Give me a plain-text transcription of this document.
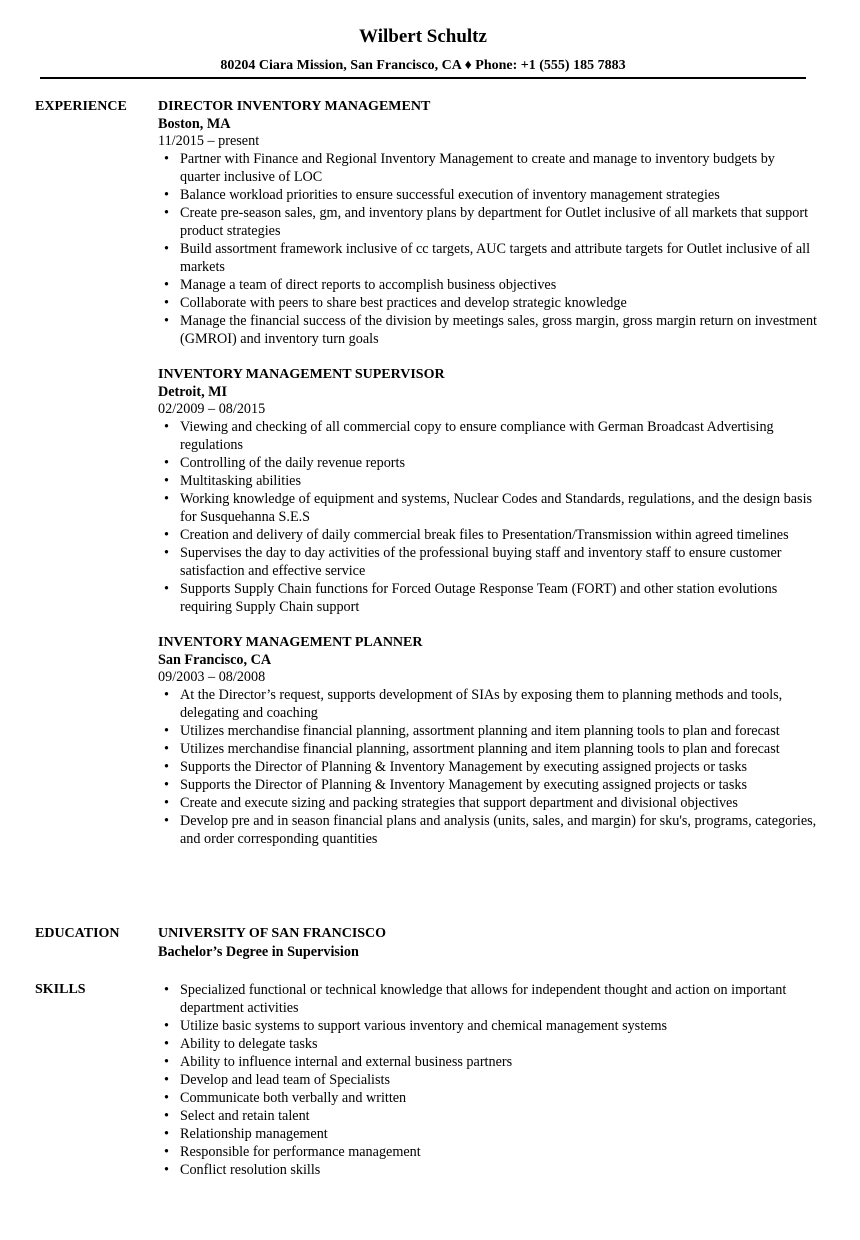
Wilbert Schultz
80204 Ciara Mission, San Francisco, CA ♦ Phone: +1 (555) 185 7883
EXPERIENCE DIRECTOR INVENTORY MANAGEMENT
Boston, MA
11/2015 – present
• Partner with Finance and Regional Inventory Management to create and manage to inventory budgets by quarter inclusive of LOC
• Balance workload priorities to ensure successful execution of inventory management strategies
• Create pre-season sales, gm, and inventory plans by department for Outlet inclusive of all markets that support product strategies
• Build assortment framework inclusive of cc targets, AUC targets and attribute targets for Outlet inclusive of all markets
• Manage a team of direct reports to accomplish business objectives
• Collaborate with peers to share best practices and develop strategic knowledge
• Manage the financial success of the division by meetings sales, gross margin, gross margin return on investment (GMROI) and inventory turn goals
INVENTORY MANAGEMENT SUPERVISOR
Detroit, MI
02/2009 – 08/2015
• Viewing and checking of all commercial copy to ensure compliance with German Broadcast Advertising regulations
• Controlling of the daily revenue reports
• Multitasking abilities
• Working knowledge of equipment and systems, Nuclear Codes and Standards, regulations, and the design basis for Susquehanna S.E.S
• Creation and delivery of daily commercial break files to Presentation/Transmission within agreed timelines
• Supervises the day to day activities of the professional buying staff and inventory staff to ensure customer satisfaction and effective service
• Supports Supply Chain functions for Forced Outage Response Team (FORT) and other station evolutions requiring Supply Chain support
INVENTORY MANAGEMENT PLANNER
San Francisco, CA
09/2003 – 08/2008
• At the Director’s request, supports development of SIAs by exposing them to planning methods and tools, delegating and coaching
• Utilizes merchandise financial planning, assortment planning and item planning tools to plan and forecast
• Utilizes merchandise financial planning, assortment planning and item planning tools to plan and forecast
• Supports the Director of Planning & Inventory Management by executing assigned projects or tasks
• Supports the Director of Planning & Inventory Management by executing assigned projects or tasks
• Create and execute sizing and packing strategies that support department and divisional objectives
• Develop pre and in season financial plans and analysis (units, sales, and margin) for sku's, programs, categories, and order corresponding quantities
EDUCATION	UNIVERSITY OF SAN FRANCISCO
Bachelor’s Degree in Supervision
SKILLS
•	Specialized functional or technical knowledge that allows for independent thought and action on important department activities
• Utilize basic systems to support various inventory and chemical management systems
• Ability to delegate tasks
• Ability to influence internal and external business partners
• Develop and lead team of Specialists
• Communicate both verbally and written
• Select and retain talent
• Relationship management
• Responsible for performance management
• Conflict resolution skills
